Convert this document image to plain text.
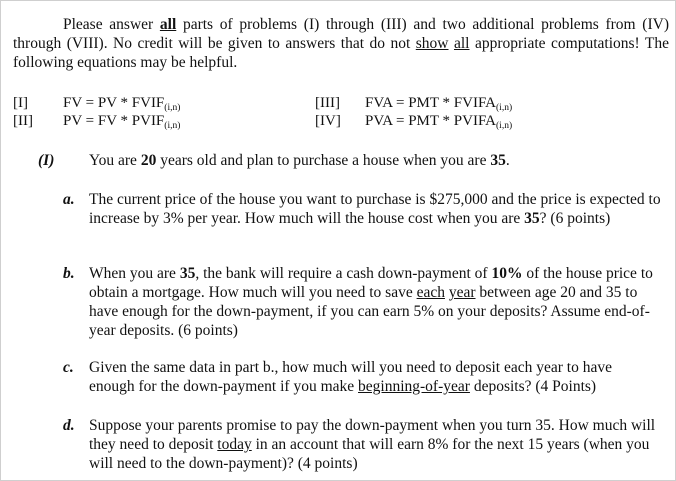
Please answer all parts of problems (I) through (III) and two additional problems from (IV) through (VIII). No credit will be given to answers that do not show all appropriate computations! The following equations may be helpful.
[I] FV = PV * $FVIF_{(i,n)}$
[II] PV = FV * $PVIF_{(i,n)}$
[III] FVA = PMT * $FVIFA_{(i,n)}$
[IV] PVA = PMT * $PVIFA_{(i,n)}$
(I) You are 20 years old and plan to purchase a house when you are 35.
a. The current price of the house you want to purchase is $275,000 and the price is expected to increase by 3% per year. How much will the house cost when you are 35? (6 points)
b. When you are 35, the bank will require a cash down-payment of 10% of the house price to obtain a mortgage. How much will you need to save each year between age 20 and 35 to have enough for the down-payment, if you can earn 5% on your deposits? Assume end-of-year deposits. (6 points)
c. Given the same data in part b., how much will you need to deposit each year to have enough for the down-payment if you make beginning-of-year deposits? (4 Points)
d. Suppose your parents promise to pay the down-payment when you turn 35. How much will they need to deposit today in an account that will earn 8% for the next 15 years (when you will need to the down-payment)? (4 points)
